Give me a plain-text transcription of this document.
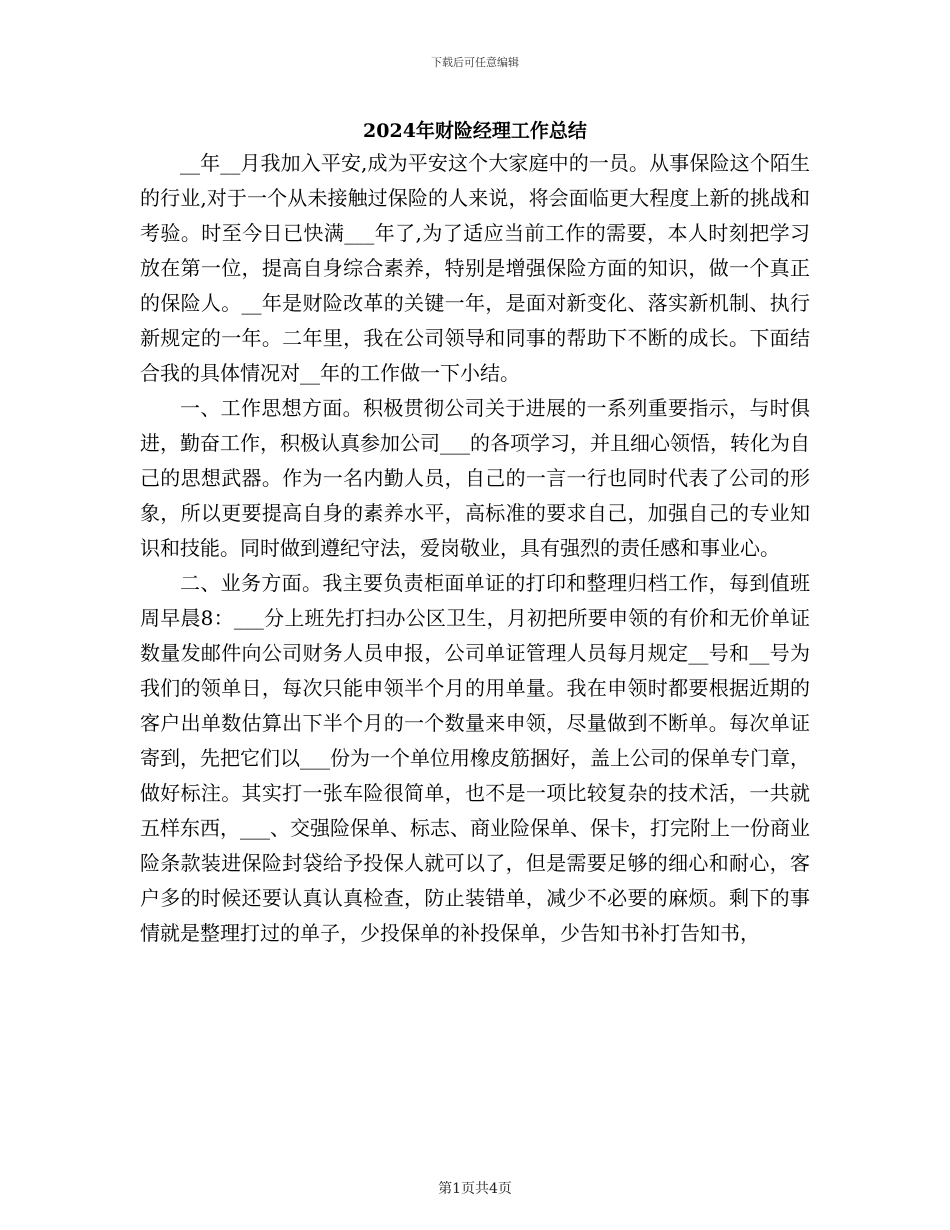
下载后可任意编辑
2024年财险经理工作总结

__年__月我加入平安,成为平安这个大家庭中的一员。从事保险这个陌生的行业,对于一个从未接触过保险的人来说，将会面临更大程度上新的挑战和考验。时至今日已快满___年了,为了适应当前工作的需要，本人时刻把学习放在第一位，提高自身综合素养，特别是增强保险方面的知识，做一个真正的保险人。__年是财险改革的关键一年，是面对新变化、落实新机制、执行新规定的一年。二年里，我在公司领导和同事的帮助下不断的成长。下面结合我的具体情况对__年的工作做一下小结。

一、工作思想方面。积极贯彻公司关于进展的一系列重要指示，与时俱进，勤奋工作，积极认真参加公司___的各项学习，并且细心领悟，转化为自己的思想武器。作为一名内勤人员，自己的一言一行也同时代表了公司的形象，所以更要提高自身的素养水平，高标准的要求自己，加强自己的专业知识和技能。同时做到遵纪守法，爱岗敬业，具有强烈的责任感和事业心。

二、业务方面。我主要负责柜面单证的打印和整理归档工作，每到值班周早晨8：___分上班先打扫办公区卫生，月初把所要申领的有价和无价单证数量发邮件向公司财务人员申报，公司单证管理人员每月规定__号和__号为我们的领单日，每次只能申领半个月的用单量。我在申领时都要根据近期的客户出单数估算出下半个月的一个数量来申领，尽量做到不断单。每次单证寄到，先把它们以___份为一个单位用橡皮筋捆好，盖上公司的保单专门章，做好标注。其实打一张车险很简单，也不是一项比较复杂的技术活，一共就五样东西，___、交强险保单、标志、商业险保单、保卡，打完附上一份商业险条款装进保险封袋给予投保人就可以了，但是需要足够的细心和耐心，客户多的时候还要认真认真检查，防止装错单，减少不必要的麻烦。剩下的事情就是整理打过的单子，少投保单的补投保单，少告知书补打告知书，

第1页共4页
